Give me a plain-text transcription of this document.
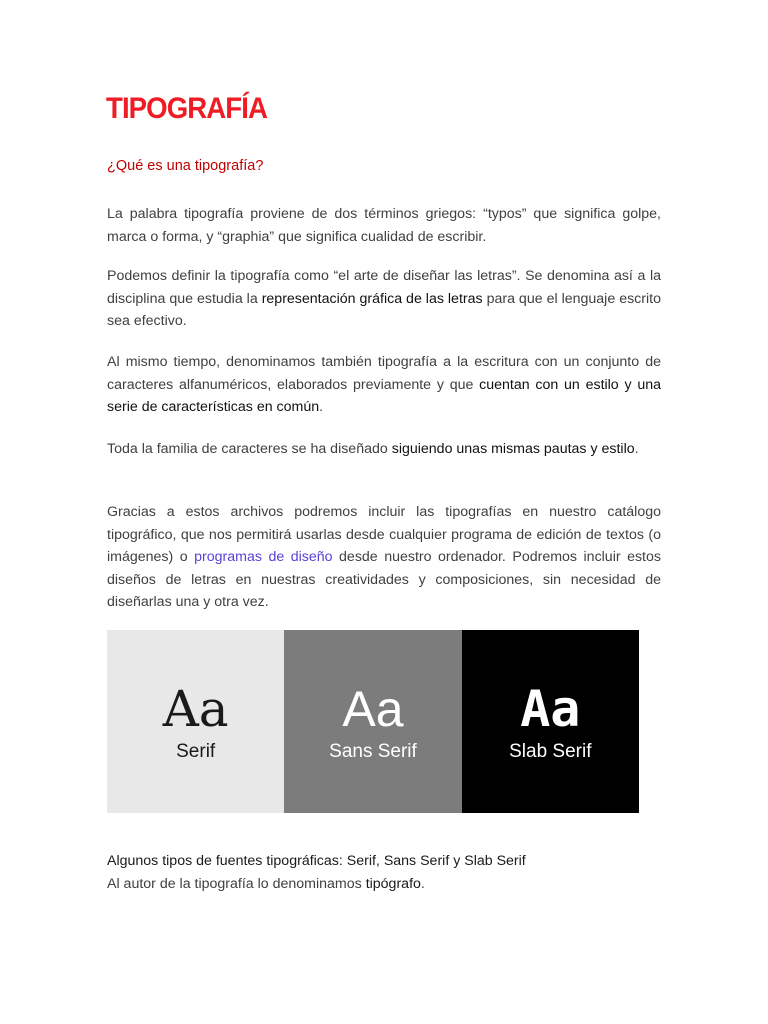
TIPOGRAFÍA

¿Qué es una tipografía?

La palabra tipografía proviene de dos términos griegos: “typos” que significa golpe, marca o forma, y “graphia” que significa cualidad de escribir.

Podemos definir la tipografía como “el arte de diseñar las letras”. Se denomina así a la disciplina que estudia la representación gráfica de las letras para que el lenguaje escrito sea efectivo.

Al mismo tiempo, denominamos también tipografía a la escritura con un conjunto de caracteres alfanuméricos, elaborados previamente y que cuentan con un estilo y una serie de características en común.

Toda la familia de caracteres se ha diseñado siguiendo unas mismas pautas y estilo.

Gracias a estos archivos podremos incluir las tipografías en nuestro catálogo tipográfico, que nos permitirá usarlas desde cualquier programa de edición de textos (o imágenes) o programas de diseño desde nuestro ordenador. Podremos incluir estos diseños de letras en nuestras creatividades y composiciones, sin necesidad de diseñarlas una y otra vez.

Aa
Serif
Aa
Sans Serif
Aa
Slab Serif
Algunos tipos de fuentes tipográficas: Serif, Sans Serif y Slab Serif
Al autor de la tipografía lo denominamos tipógrafo.
